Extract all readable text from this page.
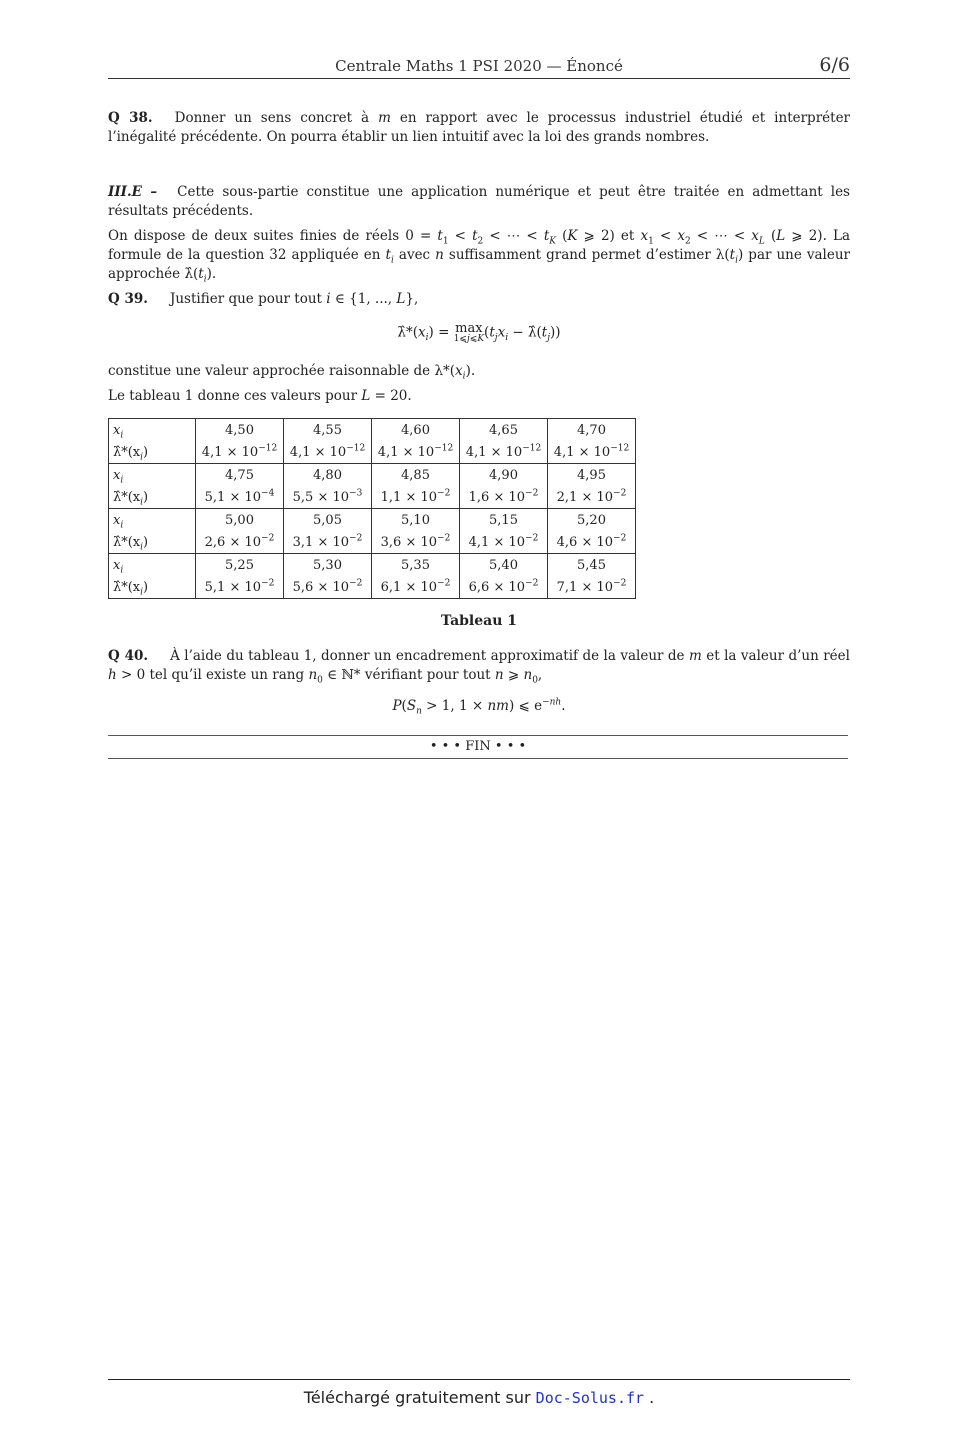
Centrale Maths 1 PSI 2020 — Énoncé	6/6
Q 38. Donner un sens concret à m en rapport avec le processus industriel étudié et interpréter l’inégalité précédente. On pourra établir un lien intuitif avec la loi des grands nombres.
III.E – Cette sous-partie constitue une application numérique et peut être traitée en admettant les résultats précédents.
On dispose de deux suites finies de réels $0 = t_1 < t_2$ < ⋯ < $t_K$ (K ⩾ 2) et $x_1 < x_2$ < ⋯ < $x_L$ (L ⩾ 2). La formule de la question 32 appliquée en $t_i$ avec n suffisamment grand permet d’estimer $\lambda(t_i)$ par une valeur approchée $\lambdâ(t_i)$.
Q 39. Justifier que pour tout i ∈ {1, ..., L},
$\lambdâ*(x_i) = \max$
1⩽j⩽K ($t_jx_i$ − $\lambdâ(t_j)$)
constitue une valeur approchée raisonnable de $\lambda*(x_i)$.
Le tableau 1 donne ces valeurs pour L = 20.
$x_i$	4,50	4,55	4,60	4,65	4,70
$\lambdâ*(x_i)$	$4,1 \times 10^{-12}$	$4,1 \times 10^{-12}$	$4,1 \times 10^{-12}$	$4,1 \times 10^{-12}$	$4,1 \times 10^{-12}$
$x_i$	4,75	4,80	4,85	4,90	4,95
$\lambdâ*(x_i)$	$5,1 \times 10^{-4}$	$5,5 \times 10^{-3}$	$1,1 \times 10^{-2}$	$1,6 \times 10^{-2}$	$2,1 \times 10^{-2}$
$x_i$	5,00	5,05	5,10	5,15	5,20
$\lambdâ*(x_i)$	$2,6 \times 10^{-2}$	$3,1 \times 10^{-2}$	$3,6 \times 10^{-2}$	$4,1 \times 10^{-2}$	$4,6 \times 10^{-2}$
$x_i$	5,25	5,30	5,35	5,40	5,45
$\lambdâ*(x_i)$	$5,1 \times 10^{-2}$	$5,6 \times 10^{-2}$	$6,1 \times 10^{-2}$	$6,6 \times 10^{-2}$	$7,1 \times 10^{-2}$
Tableau 1
Q 40. À l’aide du tableau 1, donner un encadrement approximatif de la valeur de m et la valeur d’un réel h > 0 tel qu’il existe un rang $n_0$ ∈ ℕ* vérifiant pour tout n ⩾ $n_0$,
$P(S_n > 1$, 1 × nm) ⩽ $e^{-nh}$.
• • • FIN • • •
Téléchargé gratuitement sur Doc-Solus.fr .
